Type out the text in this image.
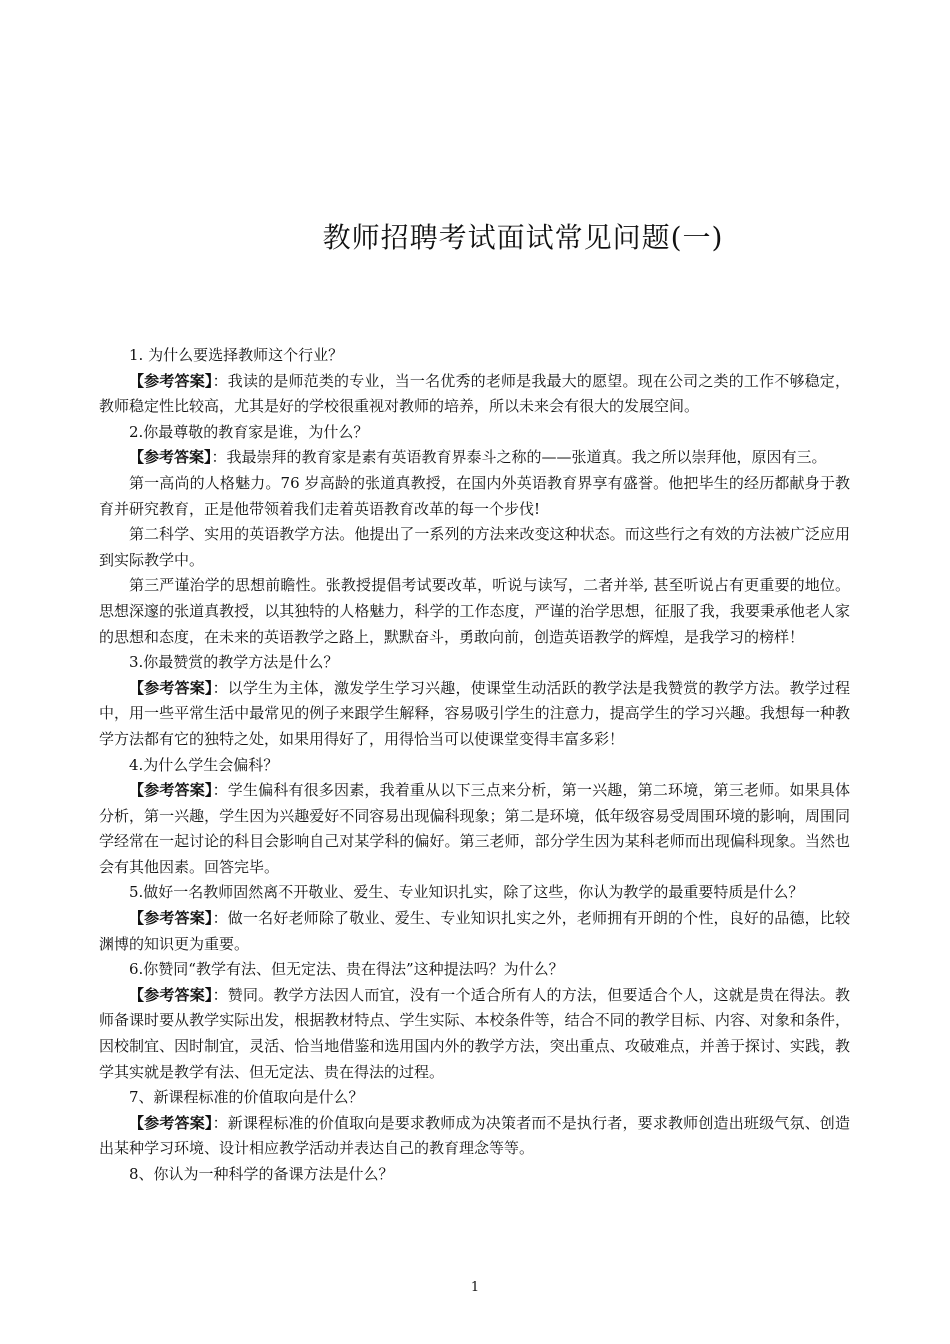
教师招聘考试面试常见问题(一)

1. 为什么要选择教师这个行业？

【参考答案】：我读的是师范类的专业，当一名优秀的老师是我最大的愿望。现在公司之类的工作不够稳定，教师稳定性比较高，尤其是好的学校很重视对教师的培养，所以未来会有很大的发展空间。

2.你最尊敬的教育家是谁，为什么？

【参考答案】：我最崇拜的教育家是素有英语教育界泰斗之称的——张道真。我之所以崇拜他，原因有三。

第一高尚的人格魅力。76 岁高龄的张道真教授，在国内外英语教育界享有盛誉。他把毕生的经历都献身于教育并研究教育，正是他带领着我们走着英语教育改革的每一个步伐!

第二科学、实用的英语教学方法。他提出了一系列的方法来改变这种状态。而这些行之有效的方法被广泛应用到实际教学中。

第三严谨治学的思想前瞻性。张教授提倡考试要改革，听说与读写，二者并举, 甚至听说占有更重要的地位。思想深邃的张道真教授，以其独特的人格魅力，科学的工作态度，严谨的治学思想，征服了我，我要秉承他老人家的思想和态度，在未来的英语教学之路上，默默奋斗，勇敢向前，创造英语教学的辉煌，是我学习的榜样！

3.你最赞赏的教学方法是什么？

【参考答案】：以学生为主体，激发学生学习兴趣，使课堂生动活跃的教学法是我赞赏的教学方法。教学过程中，用一些平常生活中最常见的例子来跟学生解释，容易吸引学生的注意力，提高学生的学习兴趣。我想每一种教学方法都有它的独特之处，如果用得好了，用得恰当可以使课堂变得丰富多彩！

4.为什么学生会偏科？

【参考答案】：学生偏科有很多因素，我着重从以下三点来分析，第一兴趣，第二环境，第三老师。如果具体分析，第一兴趣，学生因为兴趣爱好不同容易出现偏科现象；第二是环境，低年级容易受周围环境的影响，周围同学经常在一起讨论的科目会影响自己对某学科的偏好。第三老师，部分学生因为某科老师而出现偏科现象。当然也会有其他因素。回答完毕。

5.做好一名教师固然离不开敬业、爱生、专业知识扎实，除了这些，你认为教学的最重要特质是什么？

【参考答案】：做一名好老师除了敬业、爱生、专业知识扎实之外，老师拥有开朗的个性，良好的品德，比较渊博的知识更为重要。

6.你赞同“教学有法、但无定法、贵在得法”这种提法吗？为什么？

【参考答案】：赞同。教学方法因人而宜，没有一个适合所有人的方法，但要适合个人，这就是贵在得法。教师备课时要从教学实际出发，根据教材特点、学生实际、本校条件等，结合不同的教学目标、内容、对象和条件，因校制宜、因时制宜，灵活、恰当地借鉴和选用国内外的教学方法，突出重点、攻破难点，并善于探讨、实践，教学其实就是教学有法、但无定法、贵在得法的过程。

7、新课程标准的价值取向是什么？

【参考答案】：新课程标准的价值取向是要求教师成为决策者而不是执行者，要求教师创造出班级气氛、创造出某种学习环境、设计相应教学活动并表达自己的教育理念等等。

8、你认为一种科学的备课方法是什么？

1
